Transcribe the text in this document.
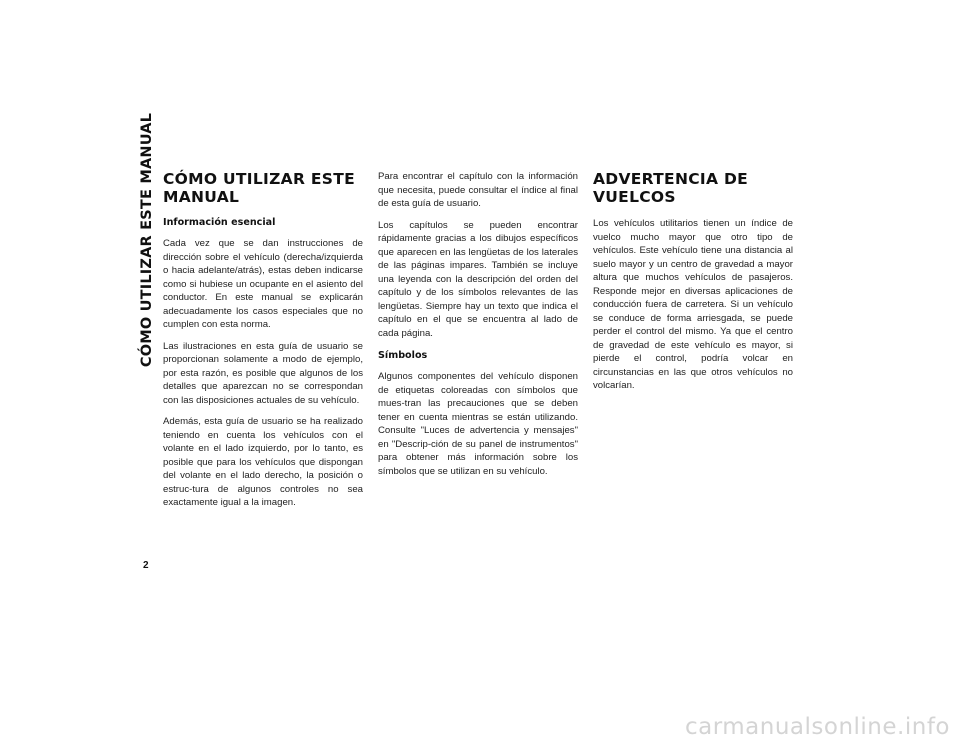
CÓMO UTILIZAR ESTE MANUAL
2
CÓMO UTILIZAR ESTE MANUAL
Información esencial

Cada vez que se dan instrucciones de dirección sobre el vehículo (derecha/izquierda o hacia adelante/atrás), estas deben indicarse como si hubiese un ocupante en el asiento del conductor. En este manual se explicarán adecuadamente los casos especiales que no cumplen con esta norma.

Las ilustraciones en esta guía de usuario se proporcionan solamente a modo de ejemplo, por esta razón, es posible que algunos de los detalles que aparezcan no se correspondan con las disposiciones actuales de su vehículo.

Además, esta guía de usuario se ha realizado teniendo en cuenta los vehículos con el volante en el lado izquierdo, por lo tanto, es posible que para los vehículos que dispongan del volante en el lado derecho, la posición o estruc-tura de algunos controles no sea exactamente igual a la imagen.

Para encontrar el capítulo con la información que necesita, puede consultar el índice al final de esta guía de usuario.

Los capítulos se pueden encontrar rápidamente gracias a los dibujos específicos que aparecen en las lengüetas de los laterales de las páginas impares. También se incluye una leyenda con la descripción del orden del capítulo y de los símbolos relevantes de las lengüetas. Siempre hay un texto que indica el capítulo en el que se encuentra al lado de cada página.

Símbolos

Algunos componentes del vehículo disponen de etiquetas coloreadas con símbolos que mues-tran las precauciones que se deben tener en cuenta mientras se están utilizando. Consulte "Luces de advertencia y mensajes" en "Descrip-ción de su panel de instrumentos" para obtener más información sobre los símbolos que se utilizan en su vehículo.

ADVERTENCIA DE VUELCOS

Los vehículos utilitarios tienen un índice de vuelco mucho mayor que otro tipo de vehículos. Este vehículo tiene una distancia al suelo mayor y un centro de gravedad a mayor altura que muchos vehículos de pasajeros. Responde mejor en diversas aplicaciones de conducción fuera de carretera. Si un vehículo se conduce de forma arriesgada, se puede perder el control del mismo. Ya que el centro de gravedad de este vehículo es mayor, si pierde el control, podría volcar en circunstancias en las que otros vehículos no volcarían.

carmanualsonline.info
